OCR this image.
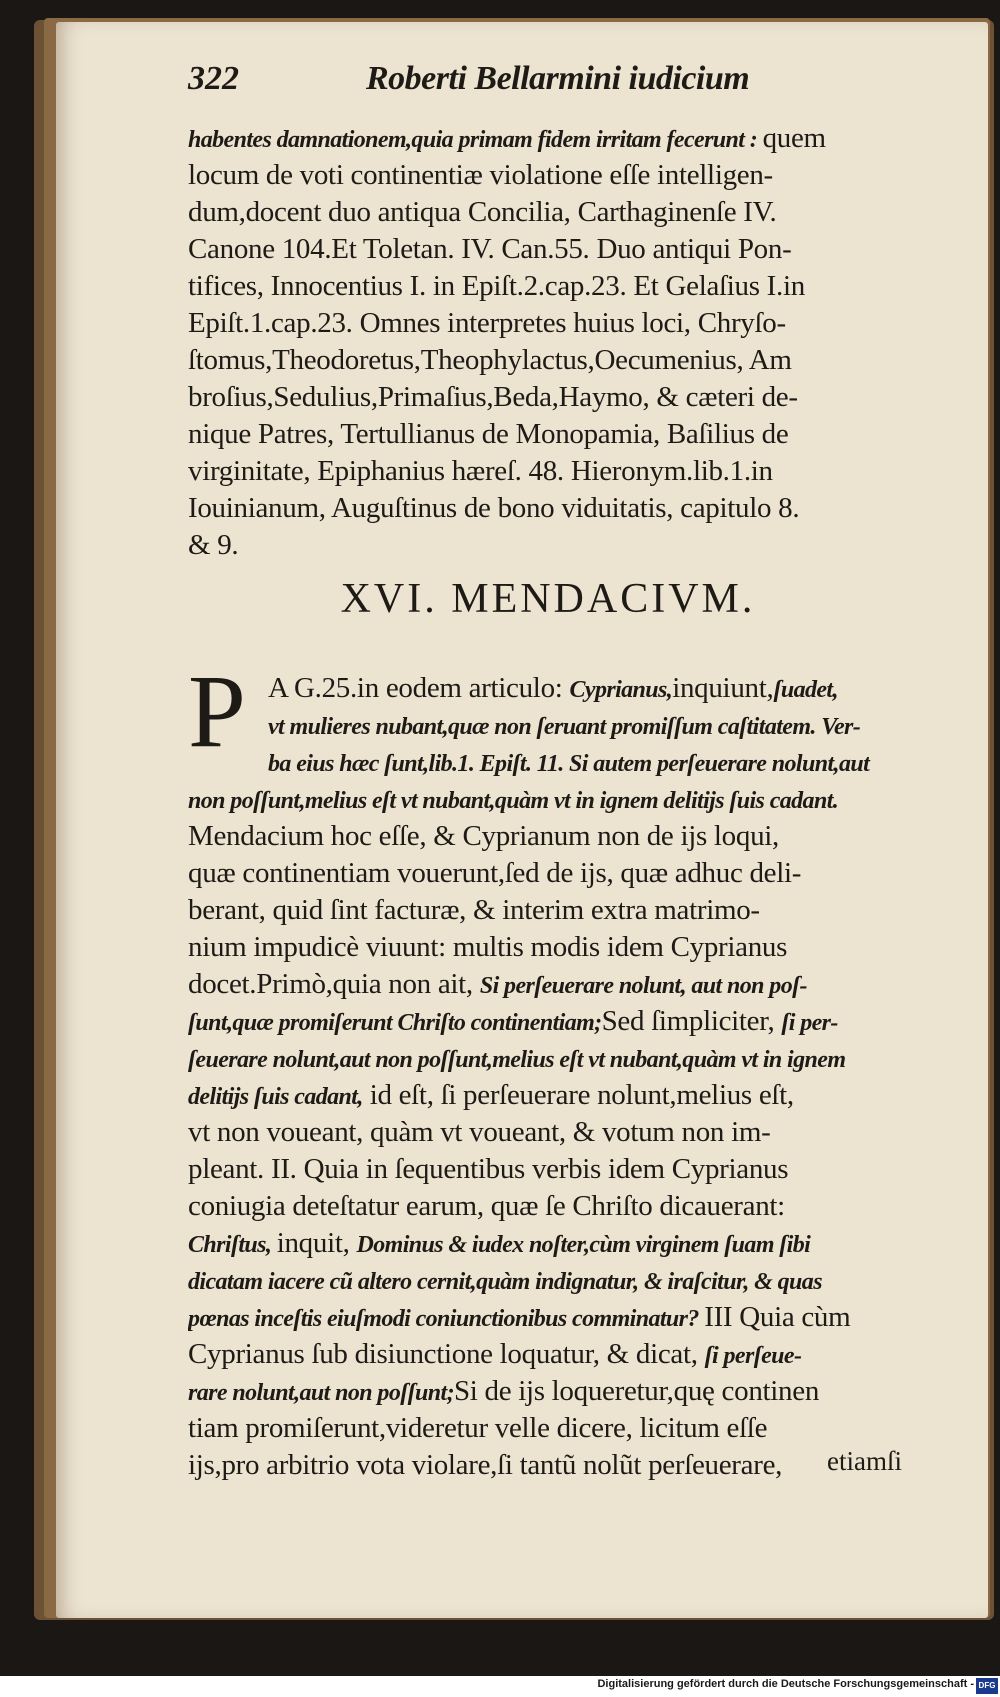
322	Roberti Bellarmini iudicium
habentes damnationem,quia primam fidem irritam fecerunt : quem
locum de voti continentiæ violatione eſſe intelligen-
dum,docent duo antiqua Concilia, Carthaginenſe IV.
Canone 104.Et Toletan. IV. Can.55. Duo antiqui Pon-
tifices, Innocentius I. in Epiſt.2.cap.23. Et Gelaſius I.in
Epiſt.1.cap.23. Omnes interpretes huius loci, Chryſo-
ſtomus,Theodoretus,Theophylactus,Oecumenius, Am
broſius,Sedulius,Primaſius,Beda,Haymo, & cæteri de-
nique Patres, Tertullianus de Monopamia, Baſilius de
virginitate, Epiphanius hæreſ. 48. Hieronym.lib.1.in
Iouinianum, Auguſtinus de bono viduitatis, capitulo 8.
& 9.
XVI. MENDACIVM.
P A G.25.in eodem articulo: Cyprianus,inquiunt,ſuadet,
vt mulieres nubant,quæ non ſeruant promiſſum caſtitatem. Ver-
ba eius hæc ſunt,lib.1. Epiſt. 11. Si autem perſeuerare nolunt,aut
non poſſunt,melius eſt vt nubant,quàm vt in ignem delitijs ſuis cadant.
Mendacium hoc eſſe, & Cyprianum non de ijs loqui,
quæ continentiam vouerunt,ſed de ijs, quæ adhuc deli-
berant, quid ſint facturæ, & interim extra matrimo-
nium impudicè viuunt: multis modis idem Cyprianus
docet.Primò,quia non ait, Si perſeuerare nolunt, aut non poſ-
ſunt,quæ promiſerunt Chriſto continentiam;Sed ſimpliciter, ſi per-
ſeuerare nolunt,aut non poſſunt,melius eſt vt nubant,quàm vt in ignem
delitijs ſuis cadant, id eſt, ſi perſeuerare nolunt,melius eſt,
vt non voueant, quàm vt voueant, & votum non im-
pleant. II. Quia in ſequentibus verbis idem Cyprianus
coniugia deteſtatur earum, quæ ſe Chriſto dicauerant:
Chriſtus, inquit, Dominus & iudex noſter,cùm virginem ſuam ſibi
dicatam iacere cũ altero cernit,quàm indignatur, & iraſcitur, & quas
pœnas inceſtis eiuſmodi coniunctionibus comminatur? III Quia cùm
Cyprianus ſub disiunctione loquatur, & dicat, ſi perſeue-
rare nolunt,aut non poſſunt;Si de ijs loqueretur,quę continen
tiam promiſerunt,videretur velle dicere, licitum eſſe
ijs,pro arbitrio vota violare,ſi tantũ nolũt perſeuerare,	etiamſi
Digitalisierung gefördert durch die Deutsche Forschungsgemeinschaft - DFG
